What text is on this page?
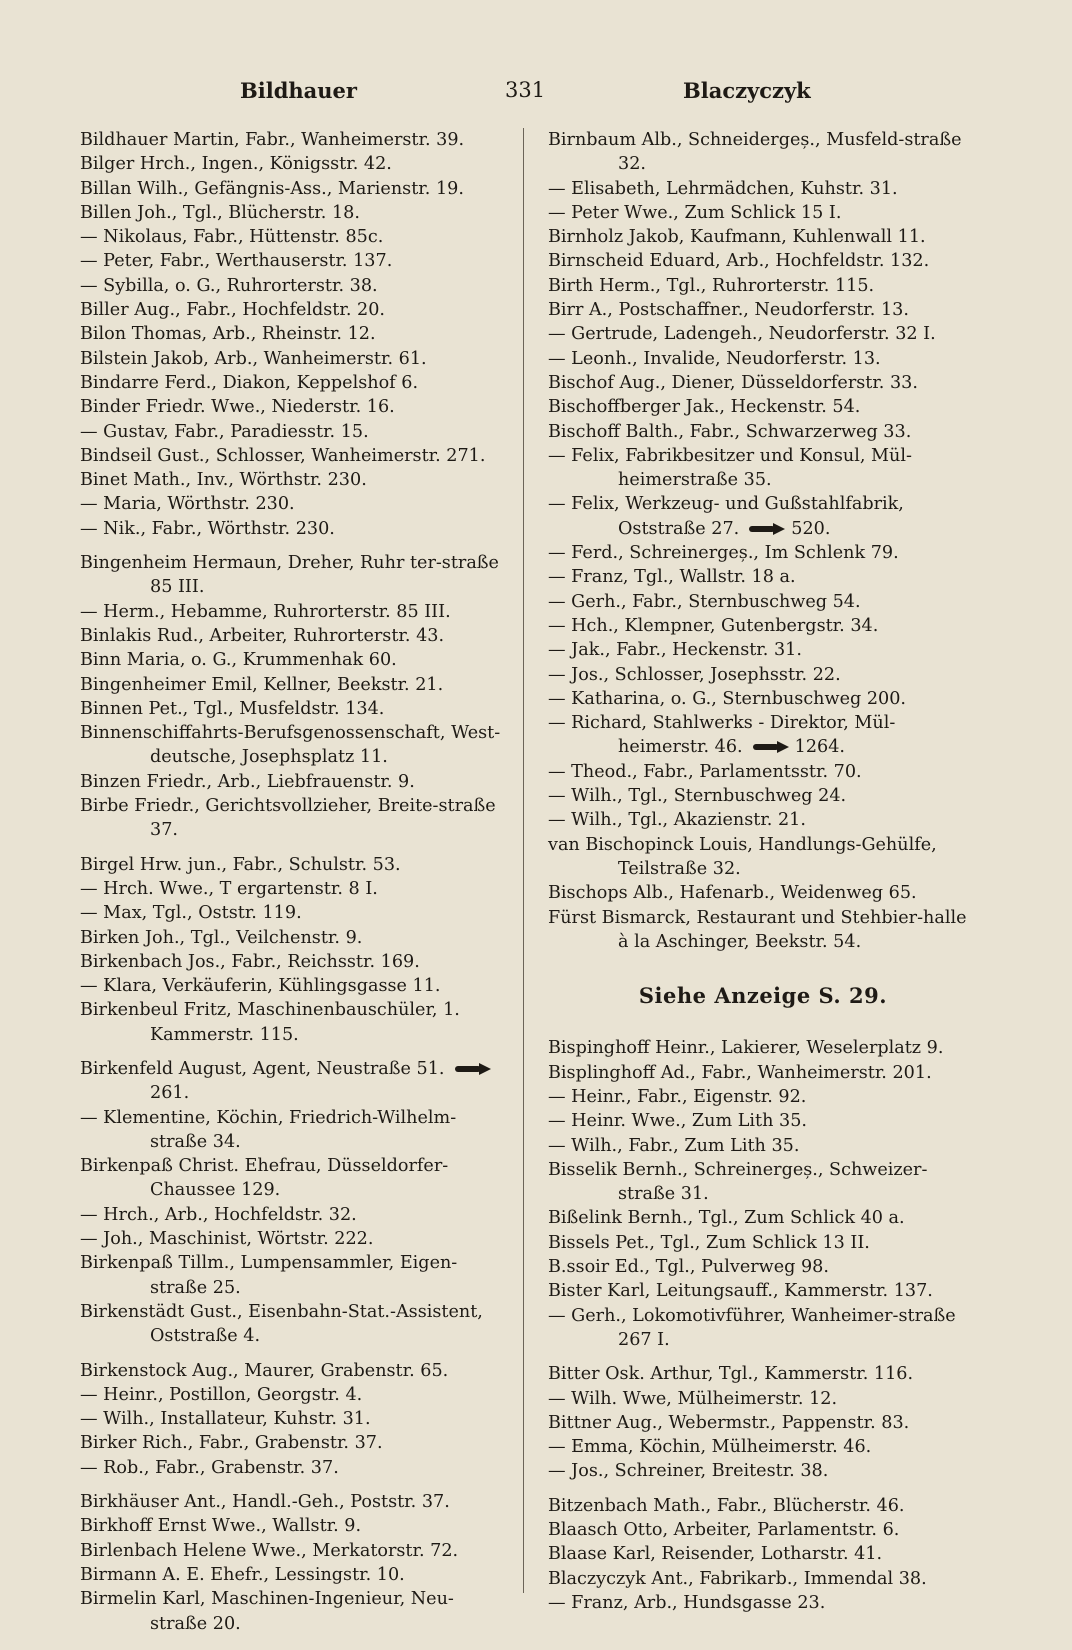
Bildhauer	331	Blaczyczyk

Bildhauer Martin, Fabr., Wanheimerstr. 39.

Bilger Hrch., Ingen., Königsstr. 42.

Billan Wilh., Gefängnis-Ass., Marienstr. 19.

Billen Joh., Tgl., Blücherstr. 18.

— Nikolaus, Fabr., Hüttenstr. 85c.

— Peter, Fabr., Werthauserstr. 137.

— Sybilla, o. G., Ruhrorterstr. 38.

Biller Aug., Fabr., Hochfeldstr. 20.

Bilon Thomas, Arb., Rheinstr. 12.

Bilstein Jakob, Arb., Wanheimerstr. 61.

Bindarre Ferd., Diakon, Keppelshof 6.

Binder Friedr. Wwe., Niederstr. 16.

— Gustav, Fabr., Paradiesstr. 15.

Bindseil Gust., Schlosser, Wanheimerstr. 271.

Binet Math., Inv., Wörthstr. 230.

— Maria, Wörthstr. 230.

— Nik., Fabr., Wörthstr. 230.

Bingenheim Hermaun, Dreher, Ruhr ter-straße 85 III.

— Herm., Hebamme, Ruhrorterstr. 85 III.

Binlakis Rud., Arbeiter, Ruhrorterstr. 43.

Binn Maria, o. G., Krummenhak 60.

Bingenheimer Emil, Kellner, Beekstr. 21.

Binnen Pet., Tgl., Musfeldstr. 134.

Binnenschiffahrts-Berufsgenossenschaft, West-deutsche, Josephsplatz 11.

Binzen Friedr., Arb., Liebfrauenstr. 9.

Birbe Friedr., Gerichtsvollzieher, Breite-straße 37.

Birgel Hrw. jun., Fabr., Schulstr. 53.

— Hrch. Wwe., T ergartenstr. 8 I.

— Max, Tgl., Oststr. 119.

Birken Joh., Tgl., Veilchenstr. 9.

Birkenbach Jos., Fabr., Reichsstr. 169.

— Klara, Verkäuferin, Kühlingsgasse 11.

Birkenbeul Fritz, Maschinenbauschüler, 1. Kammerstr. 115.

Birkenfeld August, Agent, Neustraße 51.261.

— Klementine, Köchin, Friedrich-Wilhelm-straße 34.

Birkenpaß Christ. Ehefrau, Düsseldorfer-Chaussee 129.

— Hrch., Arb., Hochfeldstr. 32.

— Joh., Maschinist, Wörtstr. 222.

Birkenpaß Tillm., Lumpensammler, Eigen-straße 25.

Birkenstädt Gust., Eisenbahn-Stat.-Assistent, Oststraße 4.

Birkenstock Aug., Maurer, Grabenstr. 65.

— Heinr., Postillon, Georgstr. 4.

— Wilh., Installateur, Kuhstr. 31.

Birker Rich., Fabr., Grabenstr. 37.

— Rob., Fabr., Grabenstr. 37.

Birkhäuser Ant., Handl.-Geh., Poststr. 37.

Birkhoff Ernst Wwe., Wallstr. 9.

Birlenbach Helene Wwe., Merkatorstr. 72.

Birmann A. E. Ehefr., Lessingstr. 10.

Birmelin Karl, Maschinen-Ingenieur, Neu-straße 20.

Birnbaum Alb., Schneidergeș., Musfeld-straße 32.

— Elisabeth, Lehrmädchen, Kuhstr. 31.

— Peter Wwe., Zum Schlick 15 I.

Birnholz Jakob, Kaufmann, Kuhlenwall 11.

Birnscheid Eduard, Arb., Hochfeldstr. 132.

Birth Herm., Tgl., Ruhrorterstr. 115.

Birr A., Postschaffner., Neudorferstr. 13.

— Gertrude, Ladengeh., Neudorferstr. 32 I.

— Leonh., Invalide, Neudorferstr. 13.

Bischof Aug., Diener, Düsseldorferstr. 33.

Bischoffberger Jak., Heckenstr. 54.

Bischoff Balth., Fabr., Schwarzerweg 33.

— Felix, Fabrikbesitzer und Konsul, Mül-heimerstraße 35.

— Felix, Werkzeug- und Gußstahlfabrik, Oststraße 27.	520.

— Ferd., Schreinergeș., Im Schlenk 79.

— Franz, Tgl., Wallstr. 18 a.

— Gerh., Fabr., Sternbuschweg 54.

— Hch., Klempner, Gutenbergstr. 34.

— Jak., Fabr., Heckenstr. 31.

— Jos., Schlosser, Josephsstr. 22.

— Katharina, o. G., Sternbuschweg 200.

— Richard, Stahlwerks - Direktor, Mül-heimerstr. 46.	1264.

— Theod., Fabr., Parlamentsstr. 70.

— Wilh., Tgl., Sternbuschweg 24.

— Wilh., Tgl., Akazienstr. 21.

van Bischopinck Louis, Handlungs-Gehülfe, Teilstraße 32.

Bischops Alb., Hafenarb., Weidenweg 65.

Fürst Bismarck, Restaurant und Stehbier-halle à la Aschinger, Beekstr. 54.

Siehe Anzeige S. 29.

Bispinghoff Heinr., Lakierer, Weselerplatz 9.

Bisplinghoff Ad., Fabr., Wanheimerstr. 201.

— Heinr., Fabr., Eigenstr. 92.

— Heinr. Wwe., Zum Lith 35.

— Wilh., Fabr., Zum Lith 35.

Bisselik Bernh., Schreinergeș., Schweizer-straße 31.

Bißelink Bernh., Tgl., Zum Schlick 40 a.

Bissels Pet., Tgl., Zum Schlick 13 II.

B.ssoir Ed., Tgl., Pulverweg 98.

Bister Karl, Leitungsauff., Kammerstr. 137.

— Gerh., Lokomotivführer, Wanheimer-straße 267 I.

Bitter Osk. Arthur, Tgl., Kammerstr. 116.

— Wilh. Wwe, Mülheimerstr. 12.

Bittner Aug., Webermstr., Pappenstr. 83.

— Emma, Köchin, Mülheimerstr. 46.

— Jos., Schreiner, Breitestr. 38.

Bitzenbach Math., Fabr., Blücherstr. 46.

Blaasch Otto, Arbeiter, Parlamentstr. 6.

Blaase Karl, Reisender, Lotharstr. 41.

Blaczyczyk Ant., Fabrikarb., Immendal 38.

— Franz, Arb., Hundsgasse 23.
